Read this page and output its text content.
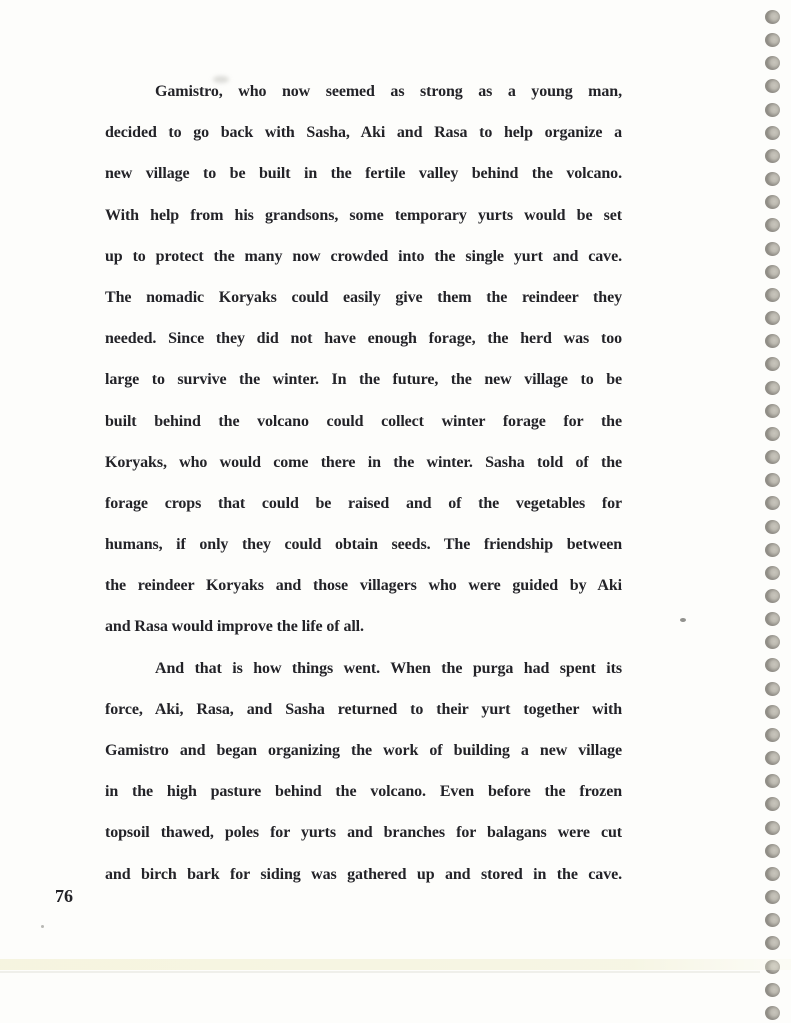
Gamistro, who now seemed as strong as a young man,
decided to go back with Sasha, Aki and Rasa to help organize a
new village to be built in the fertile valley behind the volcano.
With help from his grandsons, some temporary yurts would be set
up to protect the many now crowded into the single yurt and cave.
The nomadic Koryaks could easily give them the reindeer they
needed. Since they did not have enough forage, the herd was too
large to survive the winter. In the future, the new village to be
built behind the volcano could collect winter forage for the
Koryaks, who would come there in the winter. Sasha told of the
forage crops that could be raised and of the vegetables for
humans, if only they could obtain seeds. The friendship between
the reindeer Koryaks and those villagers who were guided by Aki
and Rasa would improve the life of all.
And that is how things went. When the purga had spent its
force, Aki, Rasa, and Sasha returned to their yurt together with
Gamistro and began organizing the work of building a new village
in the high pasture behind the volcano. Even before the frozen
topsoil thawed, poles for yurts and branches for balagans were cut
and birch bark for siding was gathered up and stored in the cave.
76
